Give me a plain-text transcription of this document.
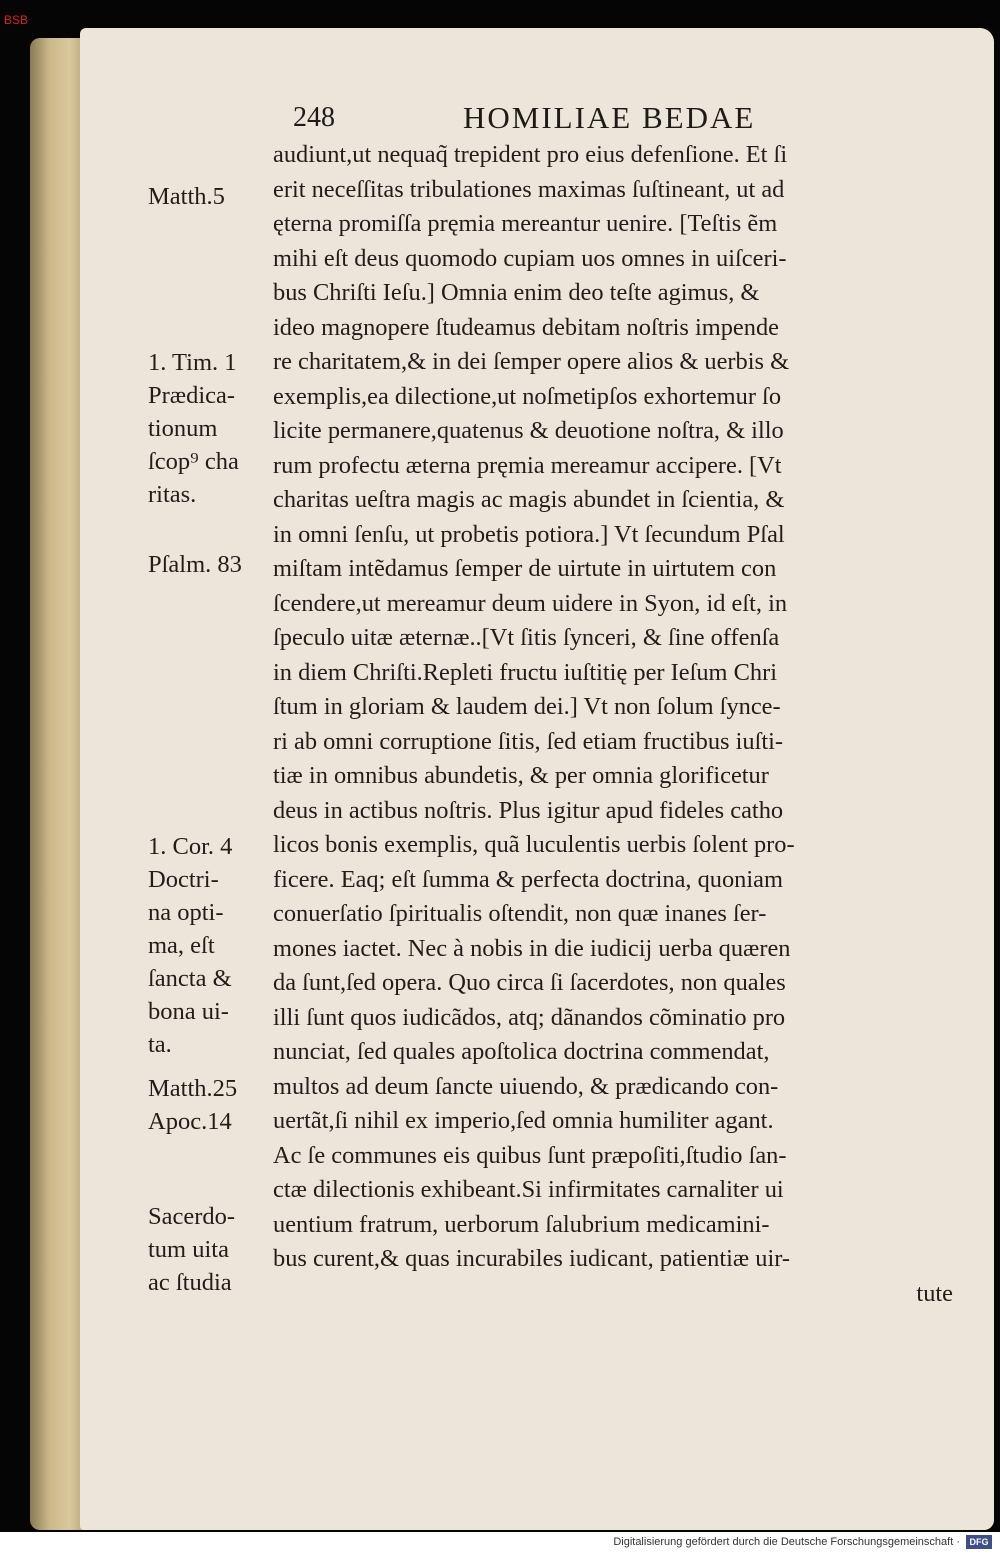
BSB
248	HOMILIAE BEDAE
audiunt,ut nequaq̃ trepident pro eius defenſione. Et ſi
erit neceſſitas tribulationes maximas ſuſtineant, ut ad
ęterna promiſſa pręmia mereantur uenire. [Teſtis ẽm
mihi eſt deus quomodo cupiam uos omnes in uiſceri-
bus Chriſti Ieſu.] Omnia enim deo teſte agimus, &
ideo magnopere ſtudeamus debitam noſtris impende
re charitatem,& in dei ſemper opere alios & uerbis &
exemplis,ea dilectione,ut noſmetipſos exhortemur ſo
licite permanere,quatenus & deuotione noſtra, & illo
rum profectu æterna pręmia mereamur accipere. [Vt
charitas ueſtra magis ac magis abundet in ſcientia, &
in omni ſenſu, ut probetis potiora.] Vt ſecundum Pſal
miſtam intẽdamus ſemper de uirtute in uirtutem con
ſcendere,ut mereamur deum uidere in Syon, id eſt, in
ſpeculo uitæ æternæ..[Vt ſitis ſynceri, & ſine offenſa
in diem Chriſti.Repleti fructu iuſtitię per Ieſum Chri
ſtum in gloriam & laudem dei.] Vt non ſolum ſynce-
ri ab omni corruptione ſitis, ſed etiam fructibus iuſti-
tiæ in omnibus abundetis, & per omnia glorificetur
deus in actibus noſtris. Plus igitur apud fideles catho
licos bonis exemplis, quã luculentis uerbis ſolent pro-
ficere. Eaq; eſt ſumma & perfecta doctrina, quoniam
conuerſatio ſpiritualis oſtendit, non quæ inanes ſer-
mones iactet. Nec à nobis in die iudicij uerba quæren
da ſunt,ſed opera. Quo circa ſi ſacerdotes, non quales
illi ſunt quos iudicãdos, atq; dãnandos cõminatio pro
nunciat, ſed quales apoſtolica doctrina commendat,
multos ad deum ſancte uiuendo, & prædicando con-
uertãt,ſi nihil ex imperio,ſed omnia humiliter agant.
Ac ſe communes eis quibus ſunt præpoſiti,ſtudio ſan-
ctæ dilectionis exhibeant.Si infirmitates carnaliter ui
uentium fratrum, uerborum ſalubrium medicamini-
bus curent,& quas incurabiles iudicant, patientiæ uir-
tute
Matth.5
1. Tim. 1
Prædica-
tionum
ſcop⁹ cha
ritas.
Pſalm. 83
1. Cor. 4
Doctri-
na opti-
ma, eſt
ſancta &
bona ui-
ta.
Matth.25
Apoc.14
Sacerdo-
tum uita
ac ſtudia
Digitalisierung gefördert durch die Deutsche Forschungsgemeinschaft ·	DFG
